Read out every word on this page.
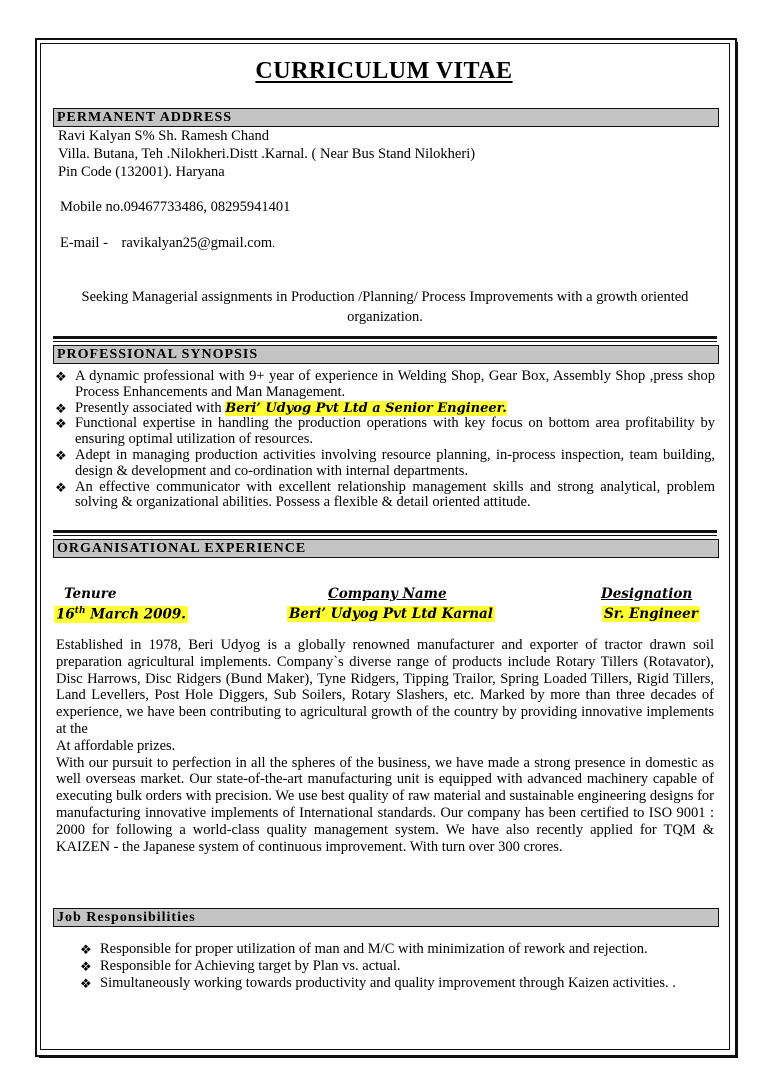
CURRICULUM VITAE
PERMANENT ADDRESS
Ravi Kalyan S% Sh. Ramesh Chand
Villa. Butana, Teh .Nilokheri.Distt .Karnal. ( Near Bus Stand Nilokheri)
Pin Code (132001). Haryana
Mobile no.09467733486, 08295941401
E-mail - ravikalyan25@gmail.com.
Seeking Managerial assignments in Production /Planning/ Process Improvements with a growth oriented organization.
PROFESSIONAL SYNOPSIS
❖ A dynamic professional with 9+ year of experience in Welding Shop, Gear Box, Assembly Shop ,press shop Process Enhancements and Man Management.
❖ Presently associated with Beri’ Udyog Pvt Ltd a Senior Engineer.
❖ Functional expertise in handling the production operations with key focus on bottom area profitability by ensuring optimal utilization of resources.
❖ Adept in managing production activities involving resource planning, in-process inspection, team building, design & development and co-ordination with internal departments.
❖ An effective communicator with excellent relationship management skills and strong analytical, problem solving & organizational abilities. Possess a flexible & detail oriented attitude.
ORGANISATIONAL EXPERIENCE
Tenure	Company Name	Designation
16th March 2009.	Beri’ Udyog Pvt Ltd Karnal	Sr. Engineer

Established in 1978, Beri Udyog is a globally renowned manufacturer and exporter of tractor drawn soil preparation agricultural implements. Company`s diverse range of products include Rotary Tillers (Rotavator), Disc Harrows, Disc Ridgers (Bund Maker), Tyne Ridgers, Tipping Trailor, Spring Loaded Tillers, Rigid Tillers, Land Levellers, Post Hole Diggers, Sub Soilers, Rotary Slashers, etc. Marked by more than three decades of experience, we have been contributing to agricultural growth of the country by providing innovative implements at the
At affordable prizes.
With our pursuit to perfection in all the spheres of the business, we have made a strong presence in domestic as well overseas market. Our state-of-the-art manufacturing unit is equipped with advanced machinery capable of executing bulk orders with precision. We use best quality of raw material and sustainable engineering designs for manufacturing innovative implements of International standards. Our company has been certified to ISO 9001 : 2000 for following a world-class quality management system. We have also recently applied for TQM & KAIZEN - the Japanese system of continuous improvement. With turn over 300 crores.

Job Responsibilities
❖ Responsible for proper utilization of man and M/C with minimization of rework and rejection.
❖ Responsible for Achieving target by Plan vs. actual.
❖ Simultaneously working towards productivity and quality improvement through Kaizen activities. .
